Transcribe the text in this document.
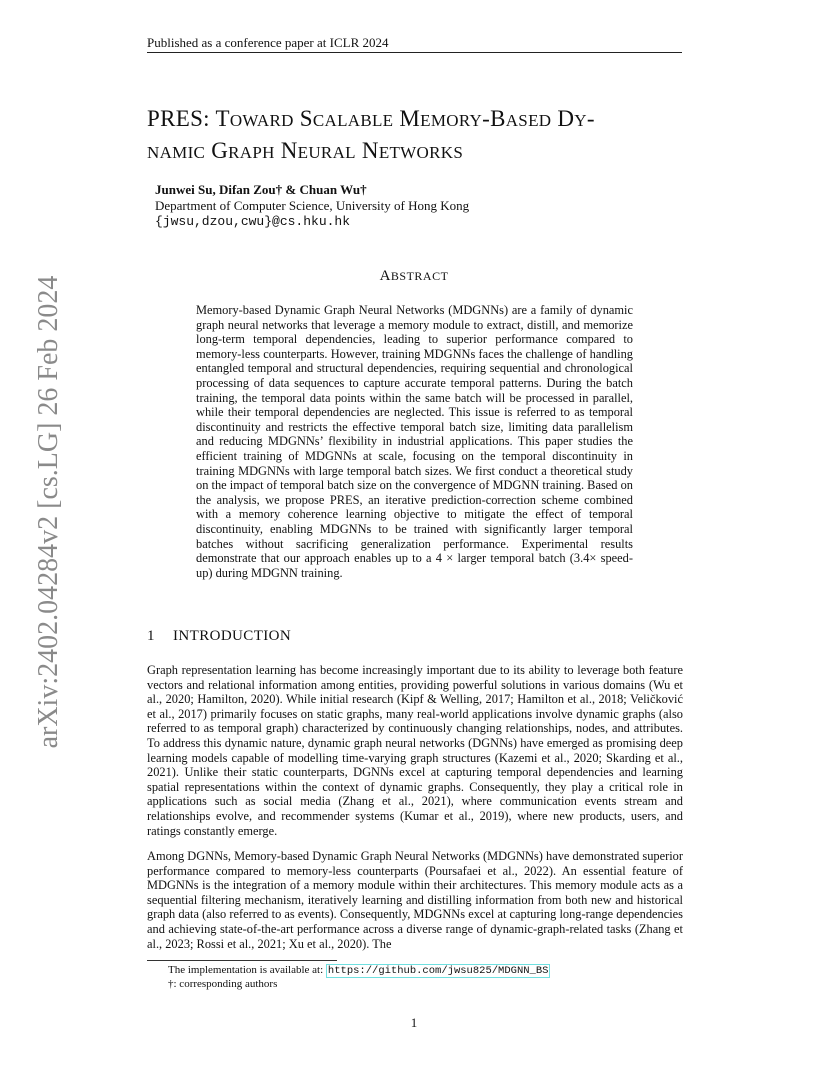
Published as a conference paper at ICLR 2024
arXiv:2402.04284v2 [cs.LG] 26 Feb 2024
PRES: TOWARD SCALABLE MEMORY-BASED DY-
NAMIC GRAPH NEURAL NETWORKS
Junwei Su, Difan Zou† & Chuan Wu†
Department of Computer Science, University of Hong Kong
{jwsu,dzou,cwu}@cs.hku.hk
ABSTRACT
Memory-based Dynamic Graph Neural Networks (MDGNNs) are a family of dynamic graph neural networks that leverage a memory module to extract, distill, and memorize long-term temporal dependencies, leading to superior performance compared to memory-less counterparts. However, training MDGNNs faces the challenge of handling entangled temporal and structural dependencies, requiring sequential and chronological processing of data sequences to capture accurate temporal patterns. During the batch training, the temporal data points within the same batch will be processed in parallel, while their temporal dependencies are neglected. This issue is referred to as temporal discontinuity and restricts the effective temporal batch size, limiting data parallelism and reducing MDGNNs’ flexibility in industrial applications. This paper studies the efficient training of MDGNNs at scale, focusing on the temporal discontinuity in training MDGNNs with large temporal batch sizes. We first conduct a theoretical study on the impact of temporal batch size on the convergence of MDGNN training. Based on the analysis, we propose PRES, an iterative prediction-correction scheme combined with a memory coherence learning objective to mitigate the effect of temporal discontinuity, enabling MDGNNs to be trained with significantly larger temporal batches without sacrificing generalization performance. Experimental results demonstrate that our approach enables up to a 4 × larger temporal batch (3.4× speed-up) during MDGNN training.
1 INTRODUCTION
Graph representation learning has become increasingly important due to its ability to leverage both feature vectors and relational information among entities, providing powerful solutions in various domains (Wu et al., 2020; Hamilton, 2020). While initial research (Kipf & Welling, 2017; Hamilton et al., 2018; Veličković et al., 2017) primarily focuses on static graphs, many real-world applications involve dynamic graphs (also referred to as temporal graph) characterized by continuously changing relationships, nodes, and attributes. To address this dynamic nature, dynamic graph neural networks (DGNNs) have emerged as promising deep learning models capable of modelling time-varying graph structures (Kazemi et al., 2020; Skarding et al., 2021). Unlike their static counterparts, DGNNs excel at capturing temporal dependencies and learning spatial representations within the context of dynamic graphs. Consequently, they play a critical role in applications such as social media (Zhang et al., 2021), where communication events stream and relationships evolve, and recommender systems (Kumar et al., 2019), where new products, users, and ratings constantly emerge.
Among DGNNs, Memory-based Dynamic Graph Neural Networks (MDGNNs) have demonstrated superior performance compared to memory-less counterparts (Poursafaei et al., 2022). An essential feature of MDGNNs is the integration of a memory module within their architectures. This memory module acts as a sequential filtering mechanism, iteratively learning and distilling information from both new and historical graph data (also referred to as events). Consequently, MDGNNs excel at capturing long-range dependencies and achieving state-of-the-art performance across a diverse range of dynamic-graph-related tasks (Zhang et al., 2023; Rossi et al., 2021; Xu et al., 2020). The
The implementation is available at: https://github.com/jwsu825/MDGNN_BS
†: corresponding authors
1
